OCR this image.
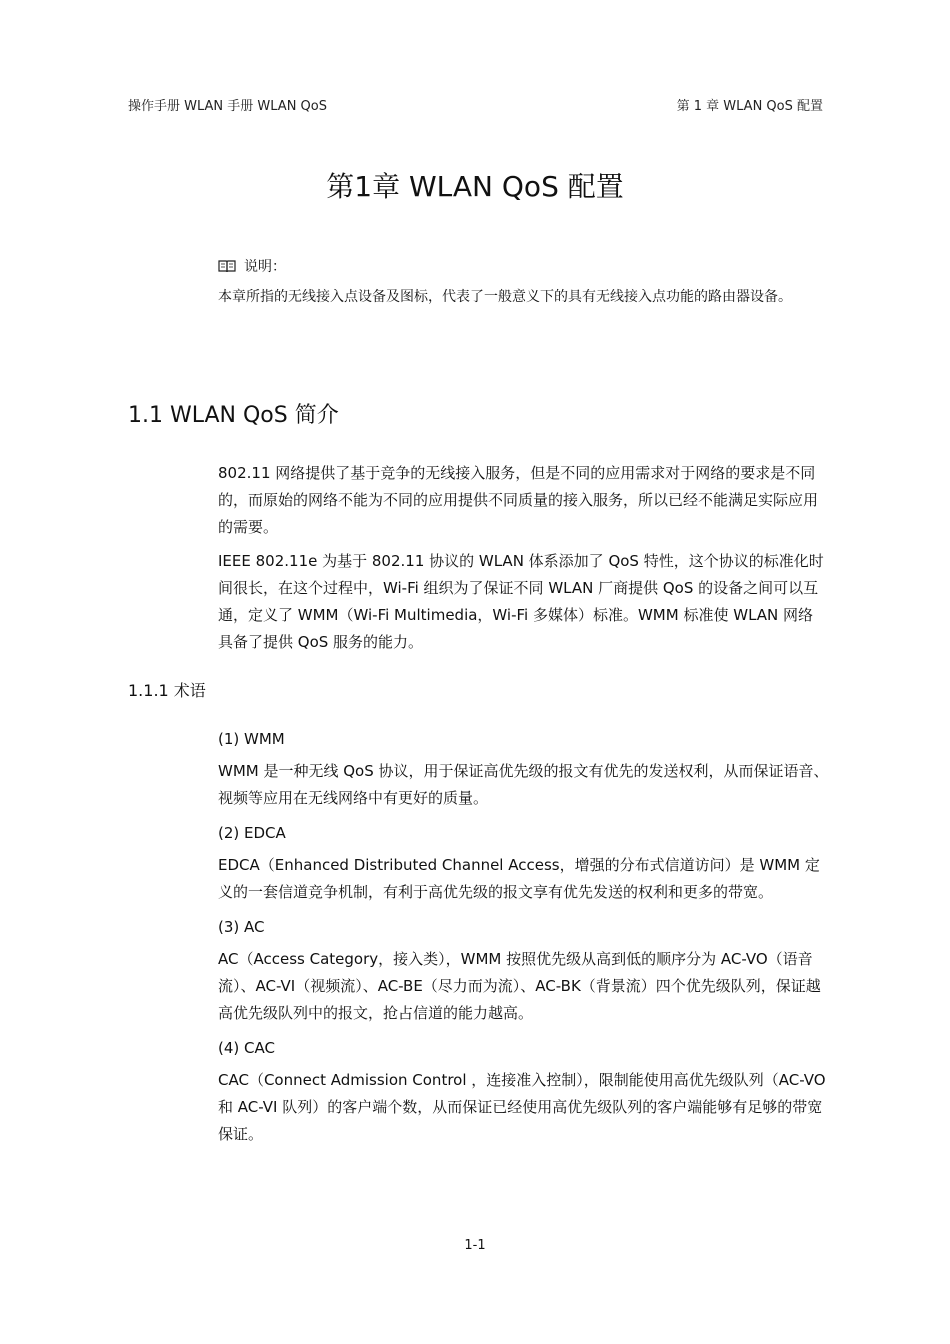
操作手册 WLAN 手册 WLAN QoS	第 1 章 WLAN QoS 配置
第1章 WLAN QoS 配置
说明：
本章所指的无线接入点设备及图标，代表了一般意义下的具有无线接入点功能的路由器设备。
1.1 WLAN QoS 简介

802.11 网络提供了基于竞争的无线接入服务，但是不同的应用需求对于网络的要求是不同的，而原始的网络不能为不同的应用提供不同质量的接入服务，所以已经不能满足实际应用的需要。

IEEE 802.11e 为基于 802.11 协议的 WLAN 体系添加了 QoS 特性，这个协议的标准化时间很长，在这个过程中，Wi-Fi 组织为了保证不同 WLAN 厂商提供 QoS 的设备之间可以互通，定义了 WMM（Wi-Fi Multimedia，Wi-Fi 多媒体）标准。WMM 标准使 WLAN 网络具备了提供 QoS 服务的能力。

1.1.1 术语

(1) WMM

WMM 是一种无线 QoS 协议，用于保证高优先级的报文有优先的发送权利，从而保证语音、视频等应用在无线网络中有更好的质量。

(2) EDCA

EDCA（Enhanced Distributed Channel Access，增强的分布式信道访问）是 WMM 定义的一套信道竞争机制，有利于高优先级的报文享有优先发送的权利和更多的带宽。

(3) AC

AC（Access Category，接入类），WMM 按照优先级从高到低的顺序分为 AC-VO（语音流）、AC-VI（视频流）、AC-BE（尽力而为流）、AC-BK（背景流）四个优先级队列，保证越高优先级队列中的报文，抢占信道的能力越高。

(4) CAC

CAC（Connect Admission Control ，连接准入控制），限制能使用高优先级队列（AC-VO 和 AC-VI 队列）的客户端个数，从而保证已经使用高优先级队列的客户端能够有足够的带宽保证。

1-1
